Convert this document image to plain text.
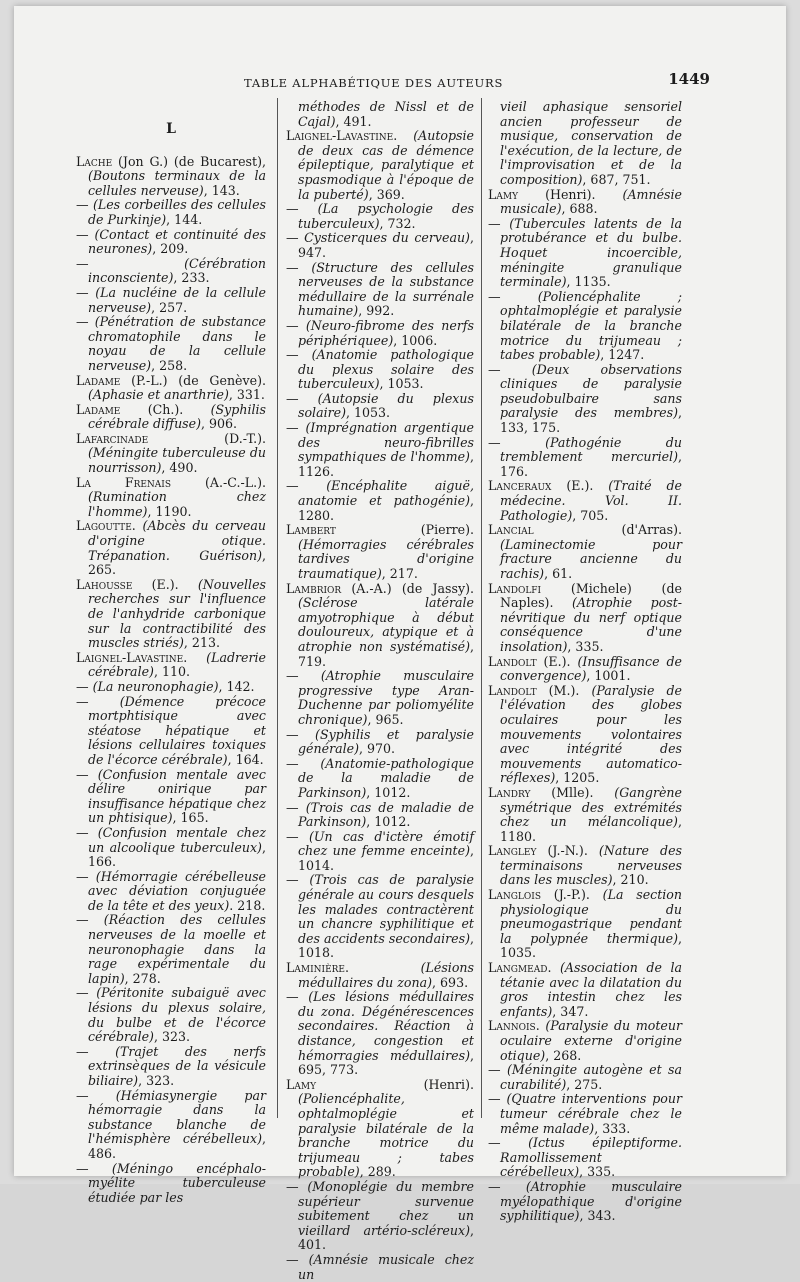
TABLE ALPHABÉTIQUE DES AUTEURS	1449
L

Lache (Jon G.) (de Bucarest), (Boutons terminaux de la cellules nerveuse), 143.

— (Les corbeilles des cellules de Purkinje), 144.

— (Contact et continuité des neurones), 209.

— (Cérébration inconsciente), 233.

— (La nucléine de la cellule nerveuse), 257.

— (Pénétration de substance chromatophile dans le noyau de la cellule nerveuse), 258.

Ladame (P.-L.) (de Genève). (Aphasie et anarthrie), 331.

Ladame (Ch.). (Syphilis cérébrale diffuse), 906.

Lafarcinade (D.-T.). (Méningite tuberculeuse du nourrisson), 490.

La Frenais (A.-C.-L.). (Rumination chez l'homme), 1190.

Lagoutte. (Abcès du cerveau d'origine otique. Trépanation. Guérison), 265.

Lahousse (E.). (Nouvelles recherches sur l'influence de l'anhydride carbonique sur la contractibilité des muscles striés), 213.

Laignel-Lavastine. (Ladrerie cérébrale), 110.

— (La neuronophagie), 142.

— (Démence précoce mortphtisique avec stéatose hépatique et lésions cellulaires toxiques de l'écorce cérébrale), 164.

— (Confusion mentale avec délire onirique par insuffisance hépatique chez un phtisique), 165.

— (Confusion mentale chez un alcoolique tuberculeux), 166.

— (Hémorragie cérébelleuse avec déviation conjuguée de la tête et des yeux). 218.

— (Réaction des cellules nerveuses de la moelle et neuronophagie dans la rage expérimentale du lapin), 278.

— (Péritonite subaiguë avec lésions du plexus solaire, du bulbe et de l'écorce cérébrale), 323.

— (Trajet des nerfs extrinsèques de la vésicule biliaire), 323.

— (Hémiasynergie par hémorragie dans la substance blanche de l'hémisphère cérébelleux), 486.

— (Méningo encéphalo-myélite tuberculeuse étudiée par les

méthodes de Nissl et de Cajal), 491.

Laignel-Lavastine. (Autopsie de deux cas de démence épileptique, paralytique et spasmodique à l'époque de la puberté), 369.

— (La psychologie des tuberculeux), 732.

— Cysticerques du cerveau), 947.

— (Structure des cellules nerveuses de la substance médullaire de la surrénale humaine), 992.

— (Neuro-fibrome des nerfs périphériquee), 1006.

— (Anatomie pathologique du plexus solaire des tuberculeux), 1053.

— (Autopsie du plexus solaire), 1053.

— (Imprégnation argentique des neuro-fibrilles sympathiques de l'homme), 1126.

— (Encéphalite aiguë, anatomie et pathogénie), 1280.

Lambert (Pierre). (Hémorragies cérébrales tardives d'origine traumatique), 217.

Lambrior (A.-A.) (de Jassy). (Sclérose latérale amyotrophique à début douloureux, atypique et à atrophie non systématisé), 719.

— (Atrophie musculaire progressive type Aran-Duchenne par poliomyélite chronique), 965.

— (Syphilis et paralysie générale), 970.

— (Anatomie-pathologique de la maladie de Parkinson), 1012.

— (Trois cas de maladie de Parkinson), 1012.

— (Un cas d'ictère émotif chez une femme enceinte), 1014.

— (Trois cas de paralysie générale au cours desquels les malades contractèrent un chancre syphilitique et des accidents secondaires), 1018.

Laminière. (Lésions médullaires du zona), 693.

— (Les lésions médullaires du zona. Dégénérescences secondaires. Réaction à distance, congestion et hémorragies médullaires), 695, 773.

Lamy (Henri). (Poliencéphalite, ophtalmoplégie et paralysie bilatérale de la branche motrice du trijumeau ; tabes probable), 289.

— (Monoplégie du membre supérieur survenue subitement chez un vieillard artério-scléreux), 401.

— (Amnésie musicale chez un

vieil aphasique sensoriel ancien professeur de musique, conservation de l'exécution, de la lecture, de l'improvisation et de la composition), 687, 751.

Lamy (Henri). (Amnésie musicale), 688.

— (Tubercules latents de la protubérance et du bulbe. Hoquet incoercible, méningite granulique terminale), 1135.

— (Poliencéphalite ; ophtalmoplégie et paralysie bilatérale de la branche motrice du trijumeau ; tabes probable), 1247.

— (Deux observations cliniques de paralysie pseudobulbaire sans paralysie des membres), 133, 175.

— (Pathogénie du tremblement mercuriel), 176.

Lanceraux (E.). (Traité de médecine. Vol. II. Pathologie), 705.

Lancial (d'Arras). (Laminectomie pour fracture ancienne du rachis), 61.

Landolfi (Michele) (de Naples). (Atrophie post-névritique du nerf optique conséquence d'une insolation), 335.

Landolt (E.). (Insuffisance de convergence), 1001.

Landolt (M.). (Paralysie de l'élévation des globes oculaires pour les mouvements volontaires avec intégrité des mouvements automatico-réflexes), 1205.

Landry (Mlle). (Gangrène symétrique des extrémités chez un mélancolique), 1180.

Langley (J.-N.). (Nature des terminaisons nerveuses dans les muscles), 210.

Langlois (J.-P.). (La section physiologique du pneumogastrique pendant la polypnée thermique), 1035.

Langmead. (Association de la tétanie avec la dilatation du gros intestin chez les enfants), 347.

Lannois. (Paralysie du moteur oculaire externe d'origine otique), 268.

— (Méningite autogène et sa curabilité), 275.

— (Quatre interventions pour tumeur cérébrale chez le même malade), 333.

— (Ictus épileptiforme. Ramollissement cérébelleux), 335.

— (Atrophie musculaire myélopathique d'origine syphilitique), 343.
